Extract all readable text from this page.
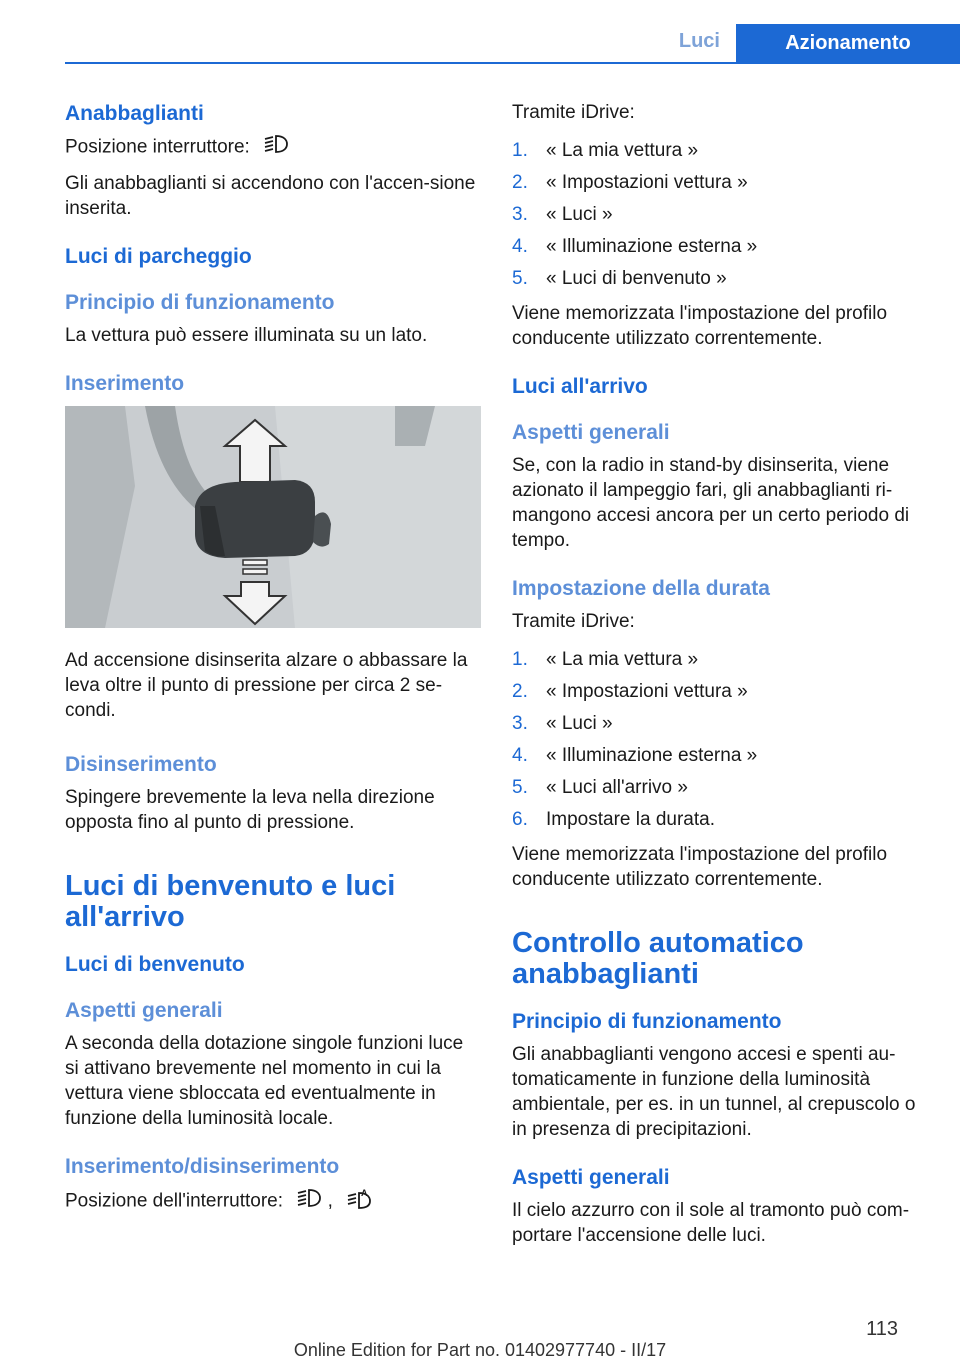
Luci	Azionamento
Anabbaglianti

Posizione interruttore:

Gli anabbaglianti si accendono con l'accen-sione inserita.

Luci di parcheggio
Principio di funzionamento

La vettura può essere illuminata su un lato.

Inserimento

Ad accensione disinserita alzare o abbassare la leva oltre il punto di pressione per circa 2 se-condi.

Disinserimento

Spingere brevemente la leva nella direzione opposta fino al punto di pressione.

Luci di benvenuto e luci all'arrivo
Luci di benvenuto
Aspetti generali

A seconda della dotazione singole funzioni luce si attivano brevemente nel momento in cui la vettura viene sbloccata ed eventualmente in funzione della luminosità locale.

Inserimento/disinserimento

Posizione dell'interruttore: ,	A

Tramite iDrive:

1. « La mia vettura »
2. « Impostazioni vettura »
3. « Luci »
4. « Illuminazione esterna »
5. « Luci di benvenuto »

Viene memorizzata l'impostazione del profilo conducente utilizzato correntemente.

Luci all'arrivo
Aspetti generali

Se, con la radio in stand-by disinserita, viene azionato il lampeggio fari, gli anabbaglianti ri-mangono accesi ancora per un certo periodo di tempo.

Impostazione della durata

Tramite iDrive:

1. « La mia vettura »
2. « Impostazioni vettura »
3. « Luci »
4. « Illuminazione esterna »
5. « Luci all'arrivo »
6. Impostare la durata.

Viene memorizzata l'impostazione del profilo conducente utilizzato correntemente.

Controllo automatico anabbaglianti
Principio di funzionamento

Gli anabbaglianti vengono accesi e spenti au-tomaticamente in funzione della luminosità ambientale, per es. in un tunnel, al crepuscolo o in presenza di precipitazioni.

Aspetti generali

Il cielo azzurro con il sole al tramonto può com-portare l'accensione delle luci.

113
Online Edition for Part no. 01402977740 - II/17
